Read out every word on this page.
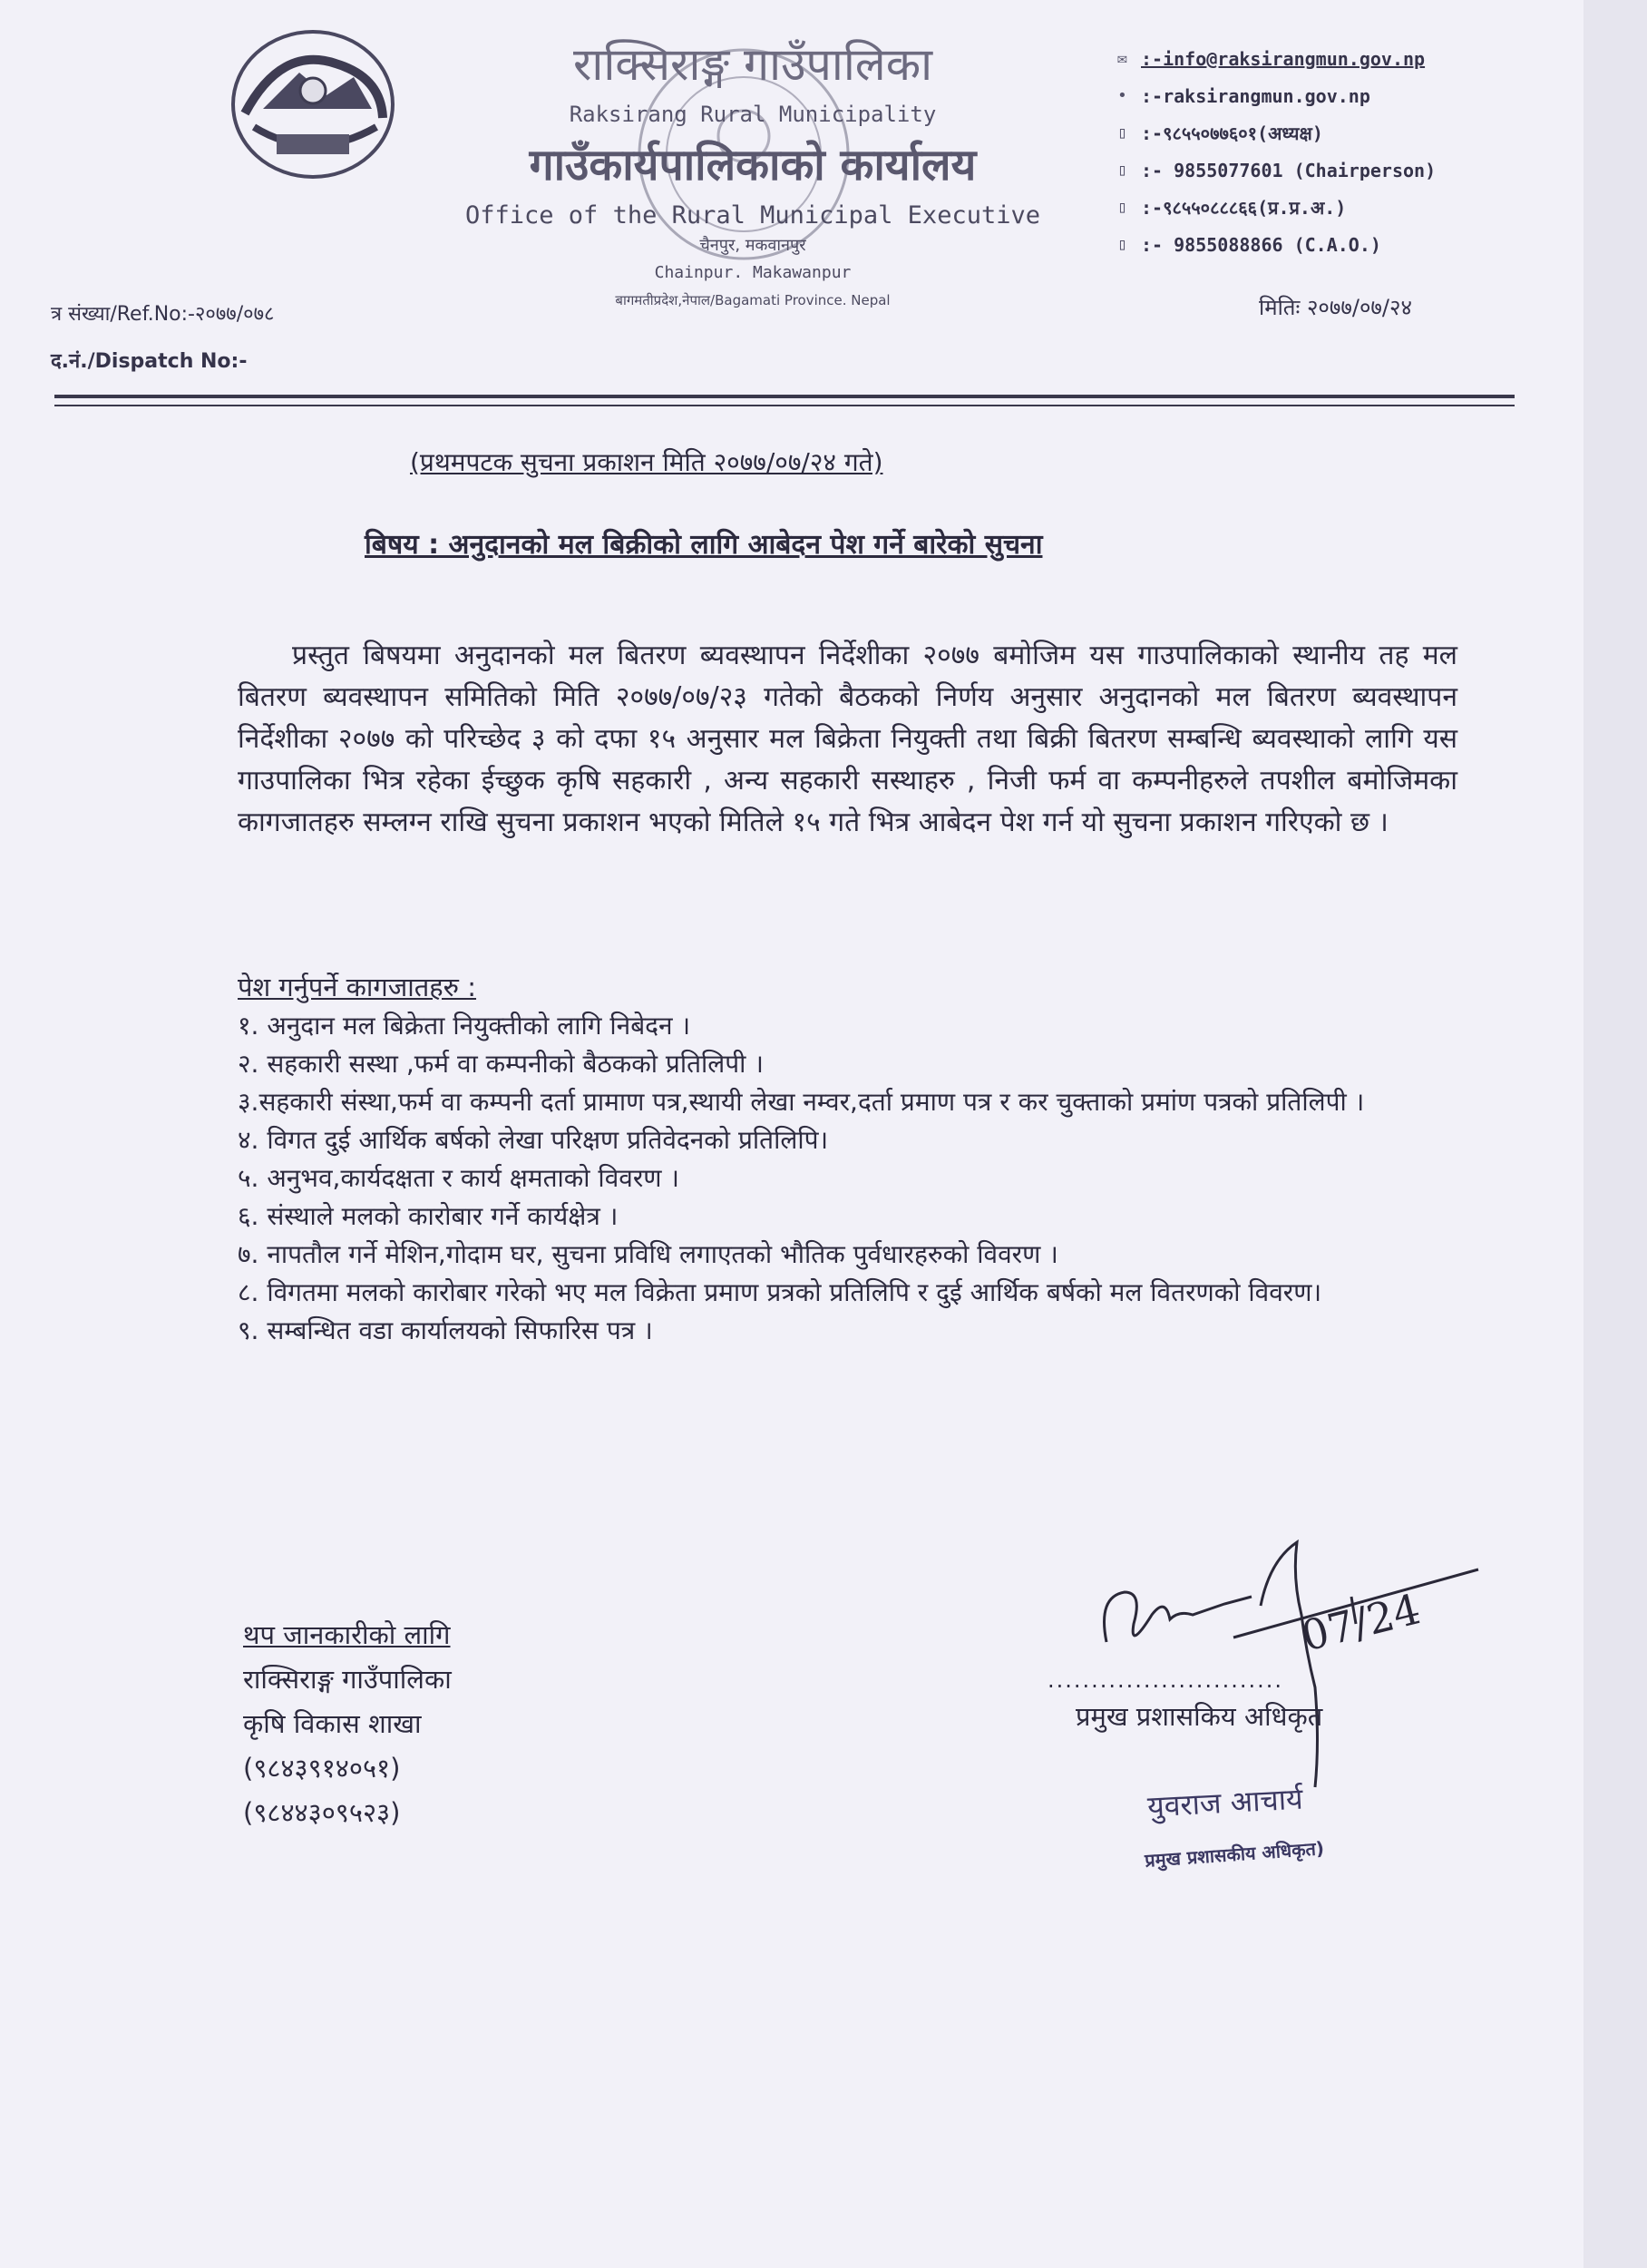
राक्सिराङ्ग गाउँपालिका
Raksirang Rural Municipality
गाउँकार्यपालिकाको कार्यालय
Office of the Rural Municipal Executive
चैनपुर, मकवानपुर
Chainpur. Makawanpur
बागमतीप्रदेश,नेपाल/Bagamati Province. Nepal
✉ :-info@raksirangmun.gov.np
• :-raksirangmun.gov.np
▯ :-९८५५०७७६०१(अध्यक्ष)
▯ :- 9855077601 (Chairperson)
▯ :-९८५५०८८८६६(प्र.प्र.अ.)
▯ :- 9855088866 (C.A.O.)
त्र संख्या/Ref.No:-२०७७/०७८
द.नं./Dispatch No:-
मितिः २०७७/०७/२४
(प्रथमपटक सुचना प्रकाशन मिति २०७७/०७/२४ गते)
बिषय : अनुदानको मल बिक्रीको लागि आबेदन पेश गर्ने बारेको सुचना
प्रस्तुत बिषयमा अनुदानको मल बितरण ब्यवस्थापन निर्देशीका २०७७ बमोजिम यस गाउपालिकाको स्थानीय तह मल बितरण ब्यवस्थापन समितिको मिति २०७७/०७/२३ गतेको बैठकको निर्णय अनुसार अनुदानको मल बितरण ब्यवस्थापन निर्देशीका २०७७ को परिच्छेद ३ को दफा १५ अनुसार मल बिक्रेता नियुक्ती तथा बिक्री बितरण सम्बन्धि ब्यवस्थाको लागि यस गाउपालिका भित्र रहेका ईच्छुक कृषि सहकारी , अन्य सहकारी सस्थाहरु , निजी फर्म वा कम्पनीहरुले तपशील बमोजिमका कागजातहरु सम्लग्न राखि सुचना प्रकाशन भएको मितिले १५ गते भित्र आबेदन पेश गर्न यो सुचना प्रकाशन गरिएको छ ।
पेश गर्नुपर्ने कागजातहरु :
१. अनुदान मल बिक्रेता नियुक्तीको लागि निबेदन ।
२. सहकारी सस्था ,फर्म वा कम्पनीको बैठकको प्रतिलिपी ।
३.सहकारी संस्था,फर्म वा कम्पनी दर्ता प्रामाण पत्र,स्थायी लेखा नम्वर,दर्ता प्रमाण पत्र र कर चुक्ताको प्रमांण पत्रको प्रतिलिपी ।
४. विगत दुई आर्थिक बर्षको लेखा परिक्षण प्रतिवेदनको प्रतिलिपि।
५. अनुभव,कार्यदक्षता र कार्य क्षमताको विवरण ।
६. संस्थाले मलको कारोबार गर्ने कार्यक्षेत्र ।
७. नापतौल गर्ने मेशिन,गोदाम घर, सुचना प्रविधि लगाएतको भौतिक पुर्वधारहरुको विवरण ।
८. विगतमा मलको कारोबार गरेको भए मल विक्रेता प्रमाण प्रत्रको प्रतिलिपि र दुई आर्थिक बर्षको मल वितरणको विवरण।
९. सम्बन्धित वडा कार्यालयको सिफारिस पत्र ।
थप जानकारीको लागि
राक्सिराङ्ग गाउँपालिका
कृषि विकास शाखा
(९८४३९१४०५१)
(९८४४३०९५२३)
07/24
...........................
प्रमुख प्रशासकिय अधिकृत
युवराज आचार्य
प्रमुख प्रशासकीय अधिकृत)
